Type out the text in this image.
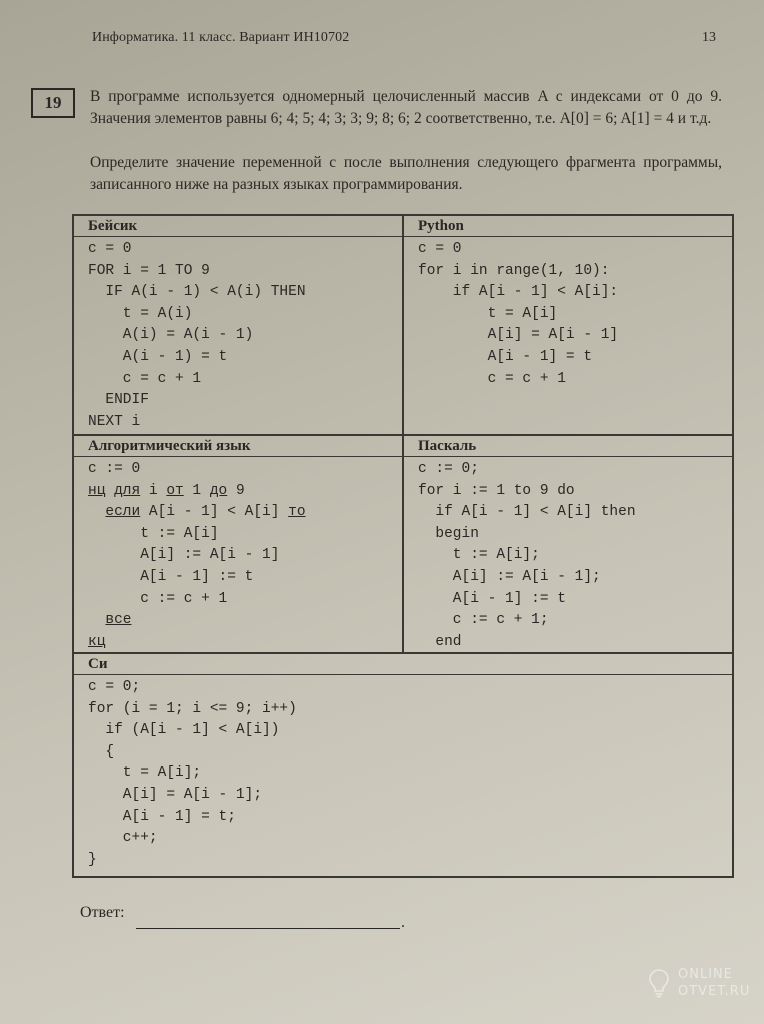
Информатика. 11 класс. Вариант ИН10702	13
19	В программе используется одномерный целочисленный массив A с индексами от 0 до 9. Значения элементов равны 6; 4; 5; 4; 3; 3; 9; 8; 6; 2 соответственно, т.е. A[0] = 6; A[1] = 4 и т.д.
Определите значение переменной c после выполнения следующего фрагмента программы, записанного ниже на разных языках программирования.
Бейсик
c = 0
FOR i = 1 TO 9
IF A(i - 1) < A(i) THEN
t = A(i)
A(i) = A(i - 1)
A(i - 1) = t
c = c + 1
ENDIF
NEXT i
Python
c = 0
for i in range(1, 10):
if A[i - 1] < A[i]:
t = A[i]
A[i] = A[i - 1]
A[i - 1] = t
c = c + 1
Алгоритмический язык
c := 0
нц для i от 1 до 9
если A[i - 1] < A[i] то
t := A[i]
A[i] := A[i - 1]
A[i - 1] := t
c := c + 1
все
кц
Паскаль
c := 0;
for i := 1 to 9 do
if A[i - 1] < A[i] then
begin
t := A[i];
A[i] := A[i - 1];
A[i - 1] := t
c := c + 1;
end
Си
c = 0;
for (i = 1; i <= 9; i++)
if (A[i - 1] < A[i])
{
t = A[i];
A[i] = A[i - 1];
A[i - 1] = t;
c++;
}
Ответ:
.
ONLINE
OTVET.RU
